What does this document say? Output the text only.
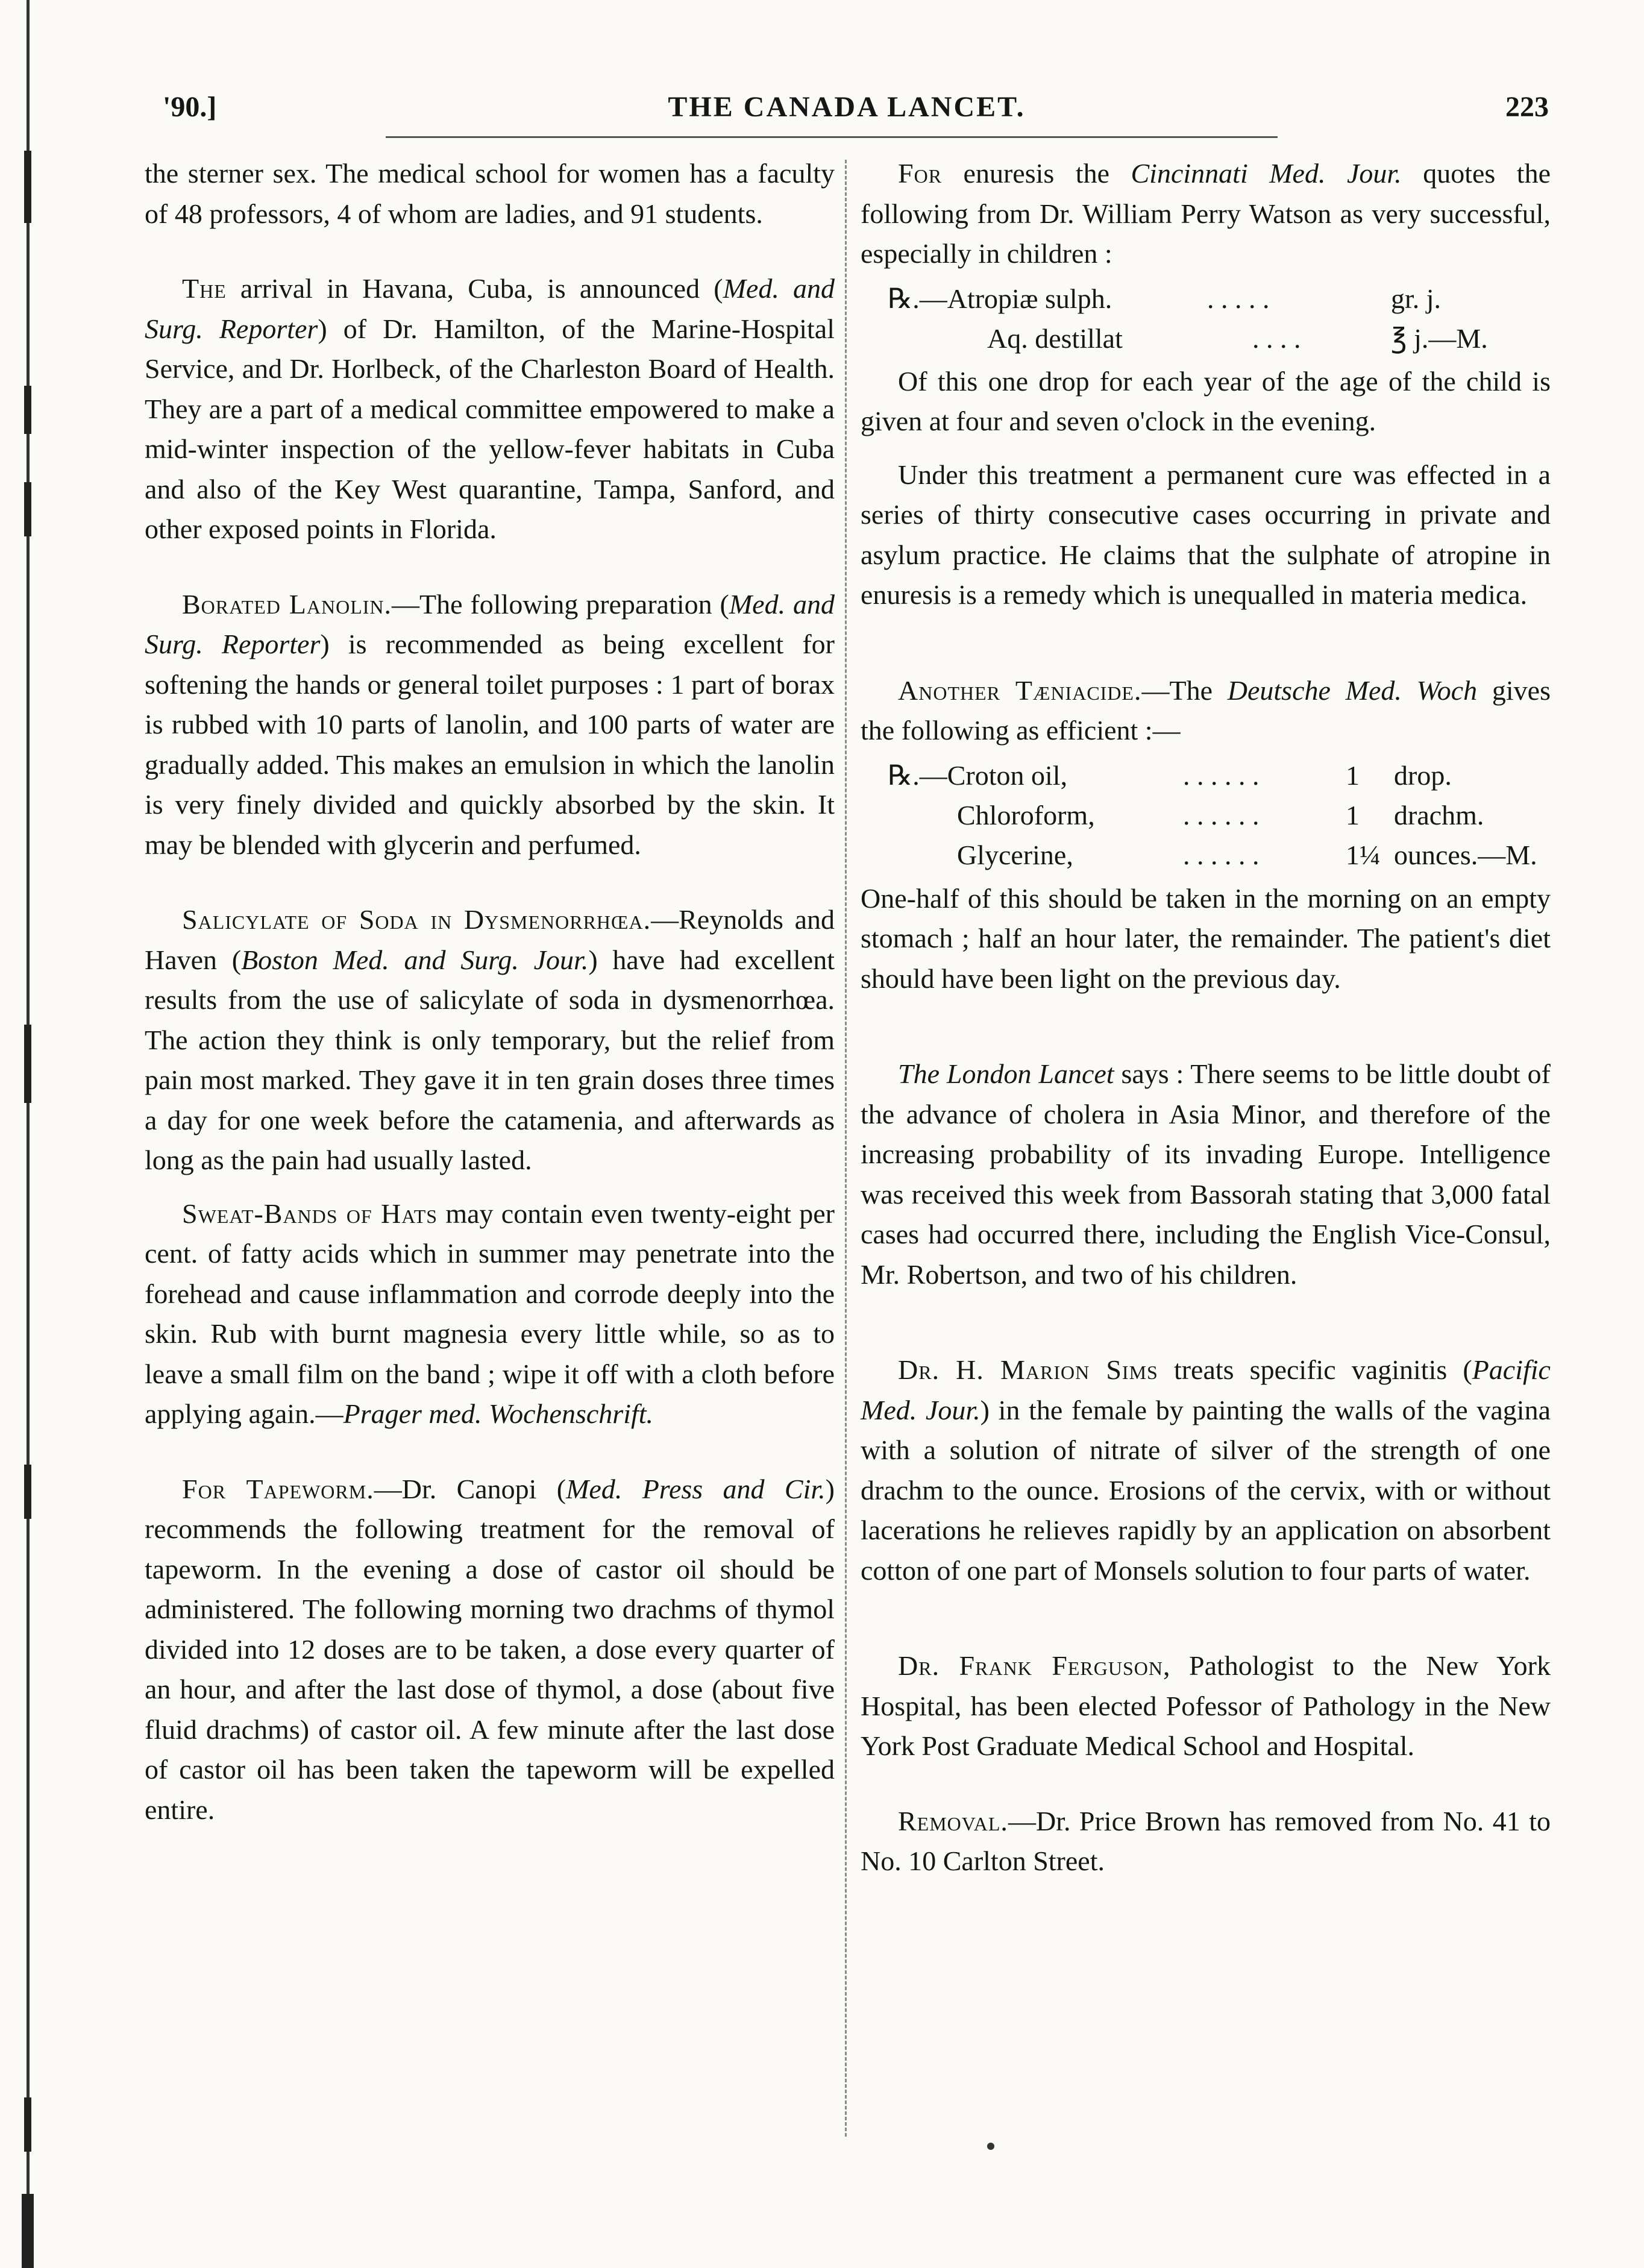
'90.]	THE CANADA LANCET.	223

the sterner sex. The medical school for women has a faculty of 48 professors, 4 of whom are ladies, and 91 students.

The arrival in Havana, Cuba, is announced (Med. and Surg. Reporter) of Dr. Hamilton, of the Marine-Hospital Service, and Dr. Horlbeck, of the Charleston Board of Health. They are a part of a medical committee empowered to make a mid-winter inspection of the yellow-fever habitats in Cuba and also of the Key West quarantine, Tampa, Sanford, and other exposed points in Florida.

Borated Lanolin.—The following preparation (Med. and Surg. Reporter) is recommended as being excellent for softening the hands or general toilet purposes : 1 part of borax is rubbed with 10 parts of lanolin, and 100 parts of water are gradually added. This makes an emulsion in which the lanolin is very finely divided and quickly absorbed by the skin. It may be blended with glycerin and perfumed.

Salicylate of Soda in Dysmenorrhœa.—Reynolds and Haven (Boston Med. and Surg. Jour.) have had excellent results from the use of salicylate of soda in dysmenorrhœa. The action they think is only temporary, but the relief from pain most marked. They gave it in ten grain doses three times a day for one week before the catamenia, and afterwards as long as the pain had usually lasted.

Sweat-Bands of Hats may contain even twenty-eight per cent. of fatty acids which in summer may penetrate into the forehead and cause inflammation and corrode deeply into the skin. Rub with burnt magnesia every little while, so as to leave a small film on the band ; wipe it off with a cloth before applying again.—Prager med. Wochenschrift.

For Tapeworm.—Dr. Canopi (Med. Press and Cir.) recommends the following treatment for the removal of tapeworm. In the evening a dose of castor oil should be administered. The following morning two drachms of thymol divided into 12 doses are to be taken, a dose every quarter of an hour, and after the last dose of thymol, a dose (about five fluid drachms) of castor oil. A few minute after the last dose of castor oil has been taken the tapeworm will be expelled entire.

For enuresis the Cincinnati Med. Jour. quotes the following from Dr. William Perry Watson as very successful, especially in children :

℞.—Atropiæ sulph.	. . . . .	gr. j.
Aq. destillat	. . . .	℥ j.—M.

Of this one drop for each year of the age of the child is given at four and seven o'clock in the evening.

Under this treatment a permanent cure was effected in a series of thirty consecutive cases occurring in private and asylum practice. He claims that the sulphate of atropine in enuresis is a remedy which is unequalled in materia medica.

Another Tæniacide.—The Deutsche Med. Woch gives the following as efficient :—

℞.—Croton oil,	. . . . . .	1 drop.
Chloroform,	. . . . . .	1 drachm.
Glycerine,	. . . . . .	1¼ ounces.—M.

One-half of this should be taken in the morning on an empty stomach ; half an hour later, the remainder. The patient's diet should have been light on the previous day.

The London Lancet says : There seems to be little doubt of the advance of cholera in Asia Minor, and therefore of the increasing probability of its invading Europe. Intelligence was received this week from Bassorah stating that 3,000 fatal cases had occurred there, including the English Vice-Consul, Mr. Robertson, and two of his children.

Dr. H. Marion Sims treats specific vaginitis (Pacific Med. Jour.) in the female by painting the walls of the vagina with a solution of nitrate of silver of the strength of one drachm to the ounce. Erosions of the cervix, with or without lacerations he relieves rapidly by an application on absorbent cotton of one part of Monsels solution to four parts of water.

Dr. Frank Ferguson, Pathologist to the New York Hospital, has been elected Pofessor of Pathology in the New York Post Graduate Medical School and Hospital.

Removal.—Dr. Price Brown has removed from No. 41 to No. 10 Carlton Street.
